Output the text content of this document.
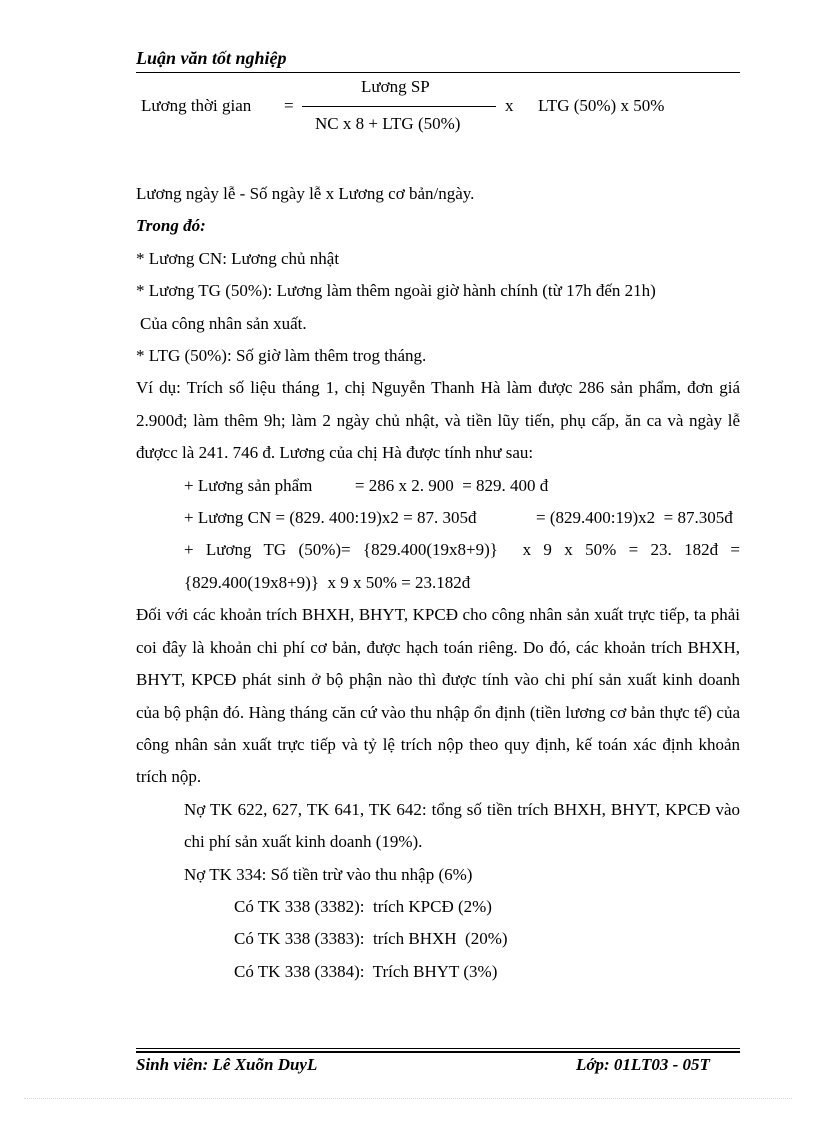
Luận văn tốt nghiệp
Lương thời gian =
Lương SP
NC x 8 + LTG (50%)
x LTG (50%) x 50%

Lương ngày lễ - Số ngày lễ x Lương cơ bản/ngày.

Trong đó:

* Lương CN: Lương chủ nhật

* Lương TG (50%): Lương làm thêm ngoài giờ hành chính (từ 17h đến 21h)

Của công nhân sản xuất.

* LTG (50%): Số giờ làm thêm trog tháng.

Ví dụ: Trích số liệu tháng 1, chị Nguyễn Thanh Hà làm được 286 sản phẩm, đơn giá 2.900đ; làm thêm 9h; làm 2 ngày chủ nhật, và tiền lũy tiến, phụ cấp, ăn ca và ngày lễ đượcc là 241. 746 đ. Lương của chị Hà được tính như sau:

+ Lương sản phẩm          = 286 x 2. 900  = 829. 400 đ

+ Lương CN = (829. 400:19)x2 = 87. 305đ              = (829.400:19)x2  = 87.305đ

+ Lương TG (50%)= {829.400(19x8+9)}  x 9 x 50% = 23. 182đ = {829.400(19x8+9)}  x 9 x 50% = 23.182đ

Đối với các khoản trích BHXH, BHYT, KPCĐ cho công nhân sản xuất trực tiếp, ta phải coi đây là khoản chi phí cơ bản, được hạch toán riêng. Do đó, các khoản trích BHXH, BHYT, KPCĐ phát sinh ở bộ phận nào thì được tính vào chi phí sản xuất kinh doanh của bộ phận đó. Hàng tháng căn cứ vào thu nhập ổn định (tiền lương cơ bản thực tế) của công nhân sản xuất trực tiếp và tỷ lệ trích nộp theo quy định, kế toán xác định khoản trích nộp.

Nợ TK 622, 627, TK 641, TK 642: tổng số tiền trích BHXH, BHYT, KPCĐ vào chi phí sản xuất kinh doanh (19%).

Nợ TK 334: Số tiền trừ vào thu nhập (6%)

Có TK 338 (3382):  trích KPCĐ (2%)

Có TK 338 (3383):  trích BHXH  (20%)

Có TK 338 (3384):  Trích BHYT (3%)

Sinh viên: Lê Xuõn DuyL	Lớp: 01LT03 - 05T
